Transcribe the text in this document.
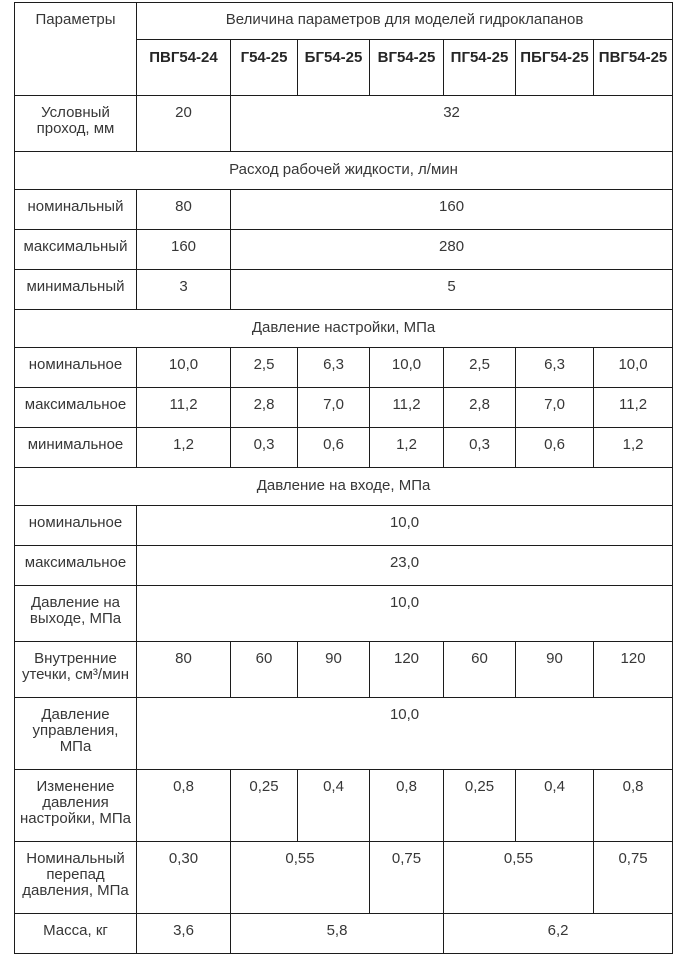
Параметры	Величина параметров для моделей гидроклапанов						
	ПВГ54-24	Г54-25	БГ54-25	ВГ54-25	ПГ54-25	ПБГ54-25	ПВГ54-25
Условный проход, мм	20	32					
Расход рабочей жидкости, л/мин							
номинальный	80	160					
максимальный	160	280					
минимальный	3	5					
Давление настройки, МПа							
номинальное	10,0	2,5	6,3	10,0	2,5	6,3	10,0
максимальное	11,2	2,8	7,0	11,2	2,8	7,0	11,2
минимальное	1,2	0,3	0,6	1,2	0,3	0,6	1,2
Давление на входе, МПа							
номинальное	10,0						
максимальное	23,0						
Давление на выходе, МПа	10,0						
Внутренние утечки, см³/мин	80	60	90	120	60	90	120
Давление управления, МПа	10,0						
Изменение давления настройки, МПа	0,8	0,25	0,4	0,8	0,25	0,4	0,8
Номинальный перепад давления, МПа	0,30	0,55		0,75	0,55		0,75
Масса, кг	3,6	5,8			6,2		
